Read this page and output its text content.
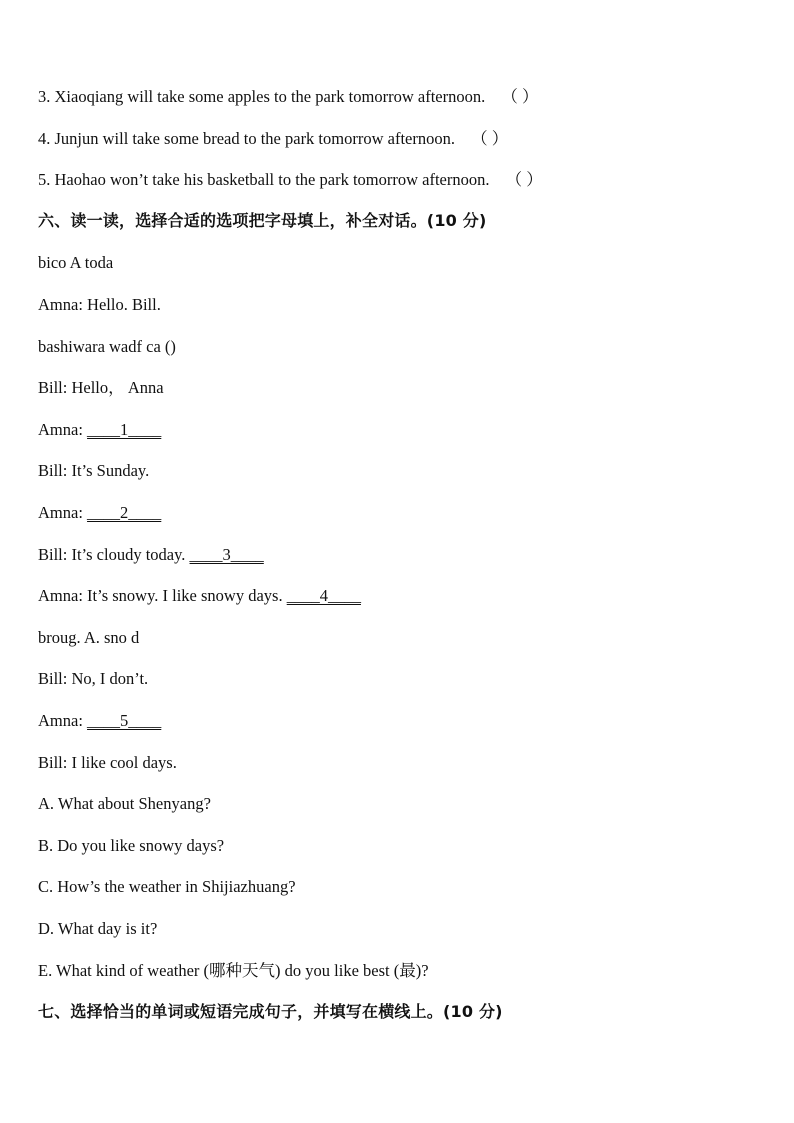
3. Xiaoqiang will take some apples to the park tomorrow afternoon. （ ）
4. Junjun will take some bread to the park tomorrow afternoon. （ ）
5. Haohao won’t take his basketball to the park tomorrow afternoon. （ ）
六、读一读，选择合适的选项把字母填上，补全对话。(10 分)
bico A toda
Amna: Hello. Bill.
bashiwara wadf ca ()
Bill: Hello， Anna
Amna: ____1____
Bill: It’s Sunday.
Amna: ____2____
Bill: It’s cloudy today. ____3____
Amna: It’s snowy. I like snowy days. ____4____
broug. A. sno d
Bill: No, I don’t.
Amna: ____5____
Bill: I like cool days.
A. What about Shenyang?
B. Do you like snowy days?
C. How’s the weather in Shijiazhuang?
D. What day is it?
E. What kind of weather (哪种天气) do you like best (最)?
七、选择恰当的单词或短语完成句子，并填写在横线上。(10 分)
